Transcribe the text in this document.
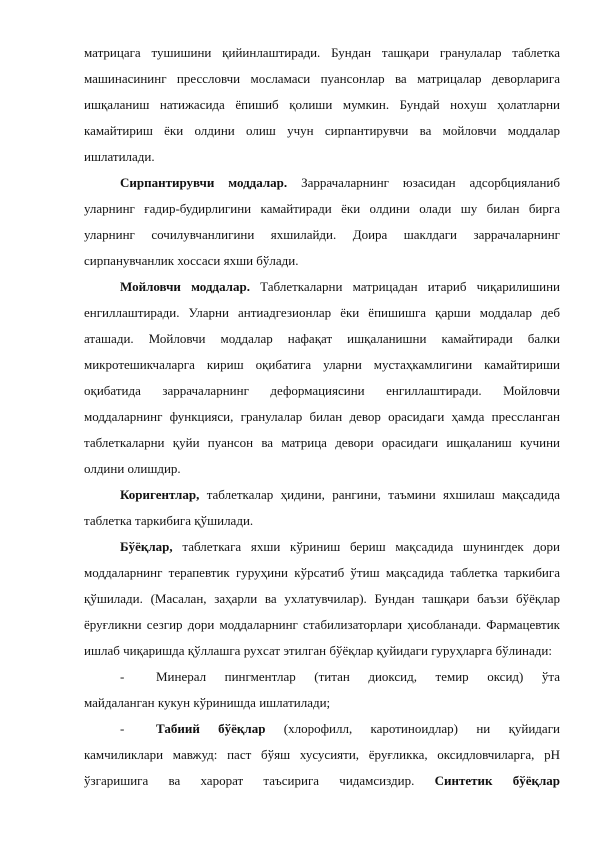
матрицага тушишини қийинлаштиради. Бундан ташқари гранулалар таблетка машинасининг прессловчи мосламаси пуансонлар ва матрицалар деворларига ишқаланиш натижасида ёпишиб қолиши мумкин. Бундай ноxуш ҳолатларни камайтириш ёки олдини олиш учун сирпантирувчи ва мойловчи моддалар ишлатилади.

Сирпантирувчи моддалар. Заррачаларнинг юзасидан адсорбцияланиб уларнинг ғадир-будирлигини камайтиради ёки олдини олади шу билан бирга уларнинг сочилувчанлигини яхшилайди. Доира шаклдаги заррачаларнинг сирпанувчанлик хоссаси яхши бўлади.

Мойловчи моддалар. Таблеткаларни матрицадан итариб чиқарилишини енгиллаштиради. Уларни антиадгезионлар ёки ёпишишга қарши моддалар деб аташади. Мойловчи моддалар нафақат ишқаланишни камайтиради балки микротешикчаларга кириш оқибатига уларни мустаҳкамлигини камайтириши оқибатида заррачаларнинг деформациясини енгиллаштиради. Мойловчи моддаларнинг функцияси, гранулалар билан девор орасидаги ҳамда прессланган таблеткаларни қуйи пуансон ва матрица девори орасидаги ишқаланиш кучини олдини олишдир.

Коригентлар, таблеткалар ҳидини, рангини, таъмини яхшилаш мақсадида таблетка таркибига қўшилади.

Бўёқлар, таблеткага яхши кўриниш бериш мақсадида шунингдек дори моддаларнинг терапевтик гуруҳини кўрсатиб ўтиш мақсадида таблетка таркибига қўшилади. (Масалан, заҳарли ва ухлатувчилар). Бундан ташқари баъзи бўёқлар ёруғликни сезгир дори моддаларнинг стабилизаторлари ҳисобланади. Фармацевтик ишлаб чиқаришда қўллашга руxсат этилган бўёқлар қуйидаги гуруҳларга бўлинади:

-	Минерал пингментлар (титан диоксид, темир оксид) ўта
майдаланган кукун кўринишда ишлатилади;
-	Табиий бўёқлар (хлорофилл, каротиноидлар) ни қуйидаги
камчиликлари мавжуд: паст бўяш хусусияти, ёруғликка, оксидловчиларга, рН ўзгаришига ва харорат таъсирига чидамсиздир. Синтетик бўёқлар
